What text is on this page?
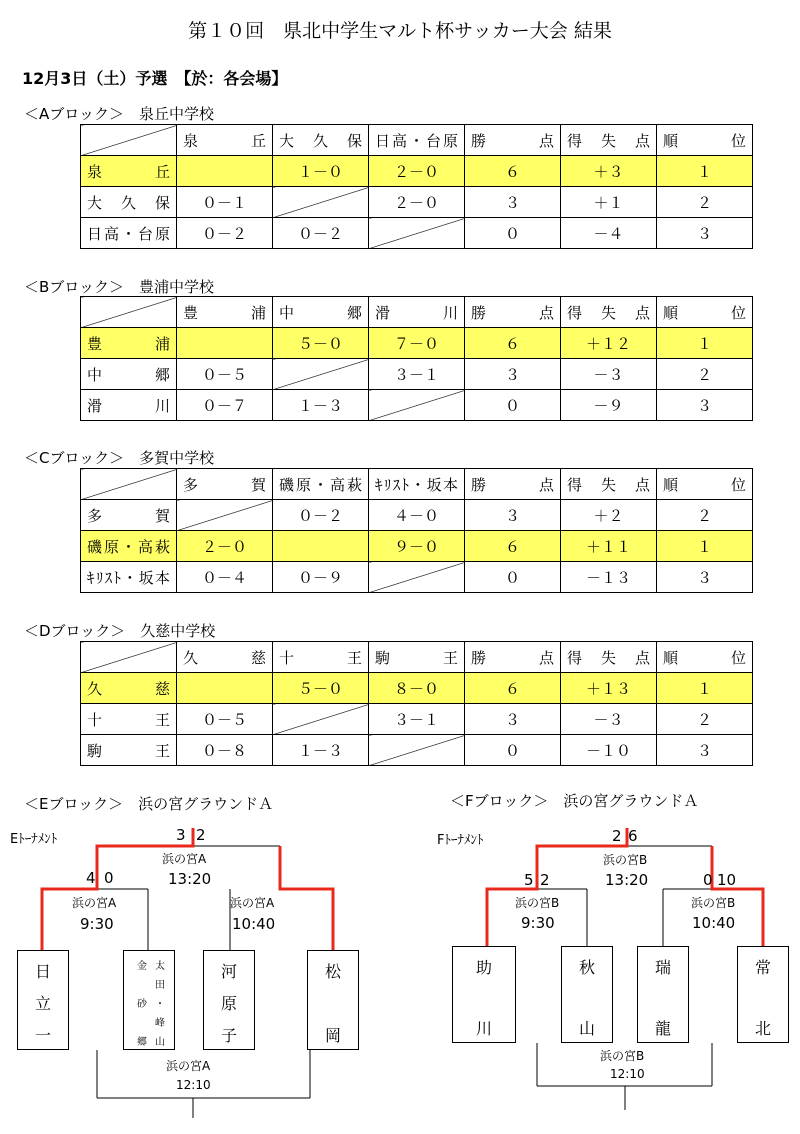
第１０回　県北中学生マルト杯サッカー大会 結果
12月3日（土）予選　【於：各会場】
＜Aブロック＞　泉丘中学校
	泉　　丘	大　久　保	日高・台原	勝　　点	得　失　点	順　　位
泉　　丘		１－０	２－０	６	＋３	１
大　久　保	０－１		２－０	３	＋１	２
日高・台原	０－２	０－２		０	－４	３
＜Bブロック＞　豊浦中学校
	豊　　浦	中　　郷	滑　　川	勝　　点	得　失　点	順　　位
豊　　浦		５－０	７－０	６	＋１２	１
中　　郷	０－５		３－１	３	－３	２
滑　　川	０－７	１－３		０	－９	３
＜Cブロック＞　多賀中学校
	多　　賀	磯原・高萩	ｷﾘｽﾄ・坂本	勝　　点	得　失　点	順　　位
多　　賀		０－２	４－０	３	＋２	２
磯原・高萩	２－０		９－０	６	＋１１	１
ｷﾘｽﾄ・坂本	０－４	０－９		０	－１３	３
＜Dブロック＞　久慈中学校
	久　　慈	十　　王	駒　　王	勝　　点	得　失　点	順　　位
久　　慈		５－０	８－０	６	＋１３	１
十　　王	０－５		３－１	３	－３	２
駒　　王	０－８	１－３		０	－１０	３
＜Eブロック＞　浜の宮グラウンドＡ
Eﾄｰﾅﾒﾝﾄ	3 2
浜の宮A
13:20
4 0
浜の宮A
9:30
浜の宮A
10:40
浜の宮A
12:10
日
立
一
金
砂
郷
太
田
・
峰
山
河
原
子
松
岡
＜Fブロック＞　浜の宮グラウンドＡ
Fﾄｰﾅﾒﾝﾄ	2 6
浜の宮B
13:20
5 2
浜の宮B
9:30
0 10
浜の宮B
10:40
浜の宮B
12:10
助
川
秋
山
瑞
龍
常
北
